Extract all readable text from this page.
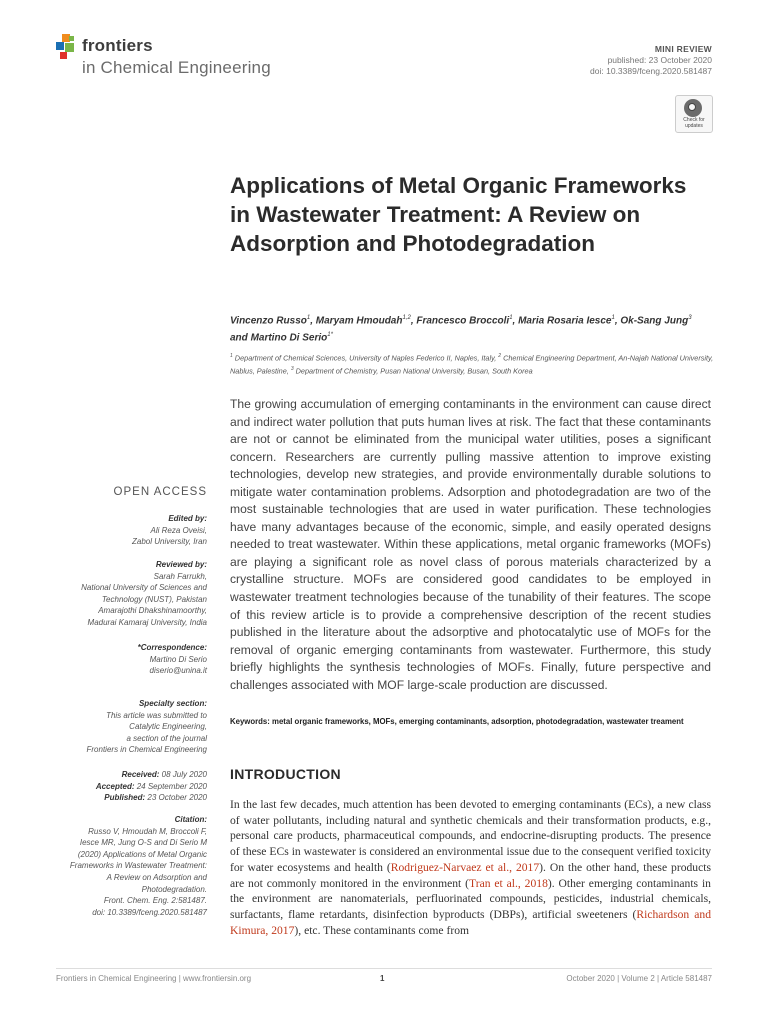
frontiers
in Chemical Engineering
MINI REVIEW
published: 23 October 2020
doi: 10.3389/fceng.2020.581487
Check for updates
Applications of Metal Organic Frameworks in Wastewater Treatment: A Review on Adsorption and Photodegradation
Vincenzo Russo$^1$, Maryam Hmoudah$^{1,2}$, Francesco Broccoli$^1$, Maria Rosaria Iesce$^1$, Ok-Sang Jung$^3$ and Martino Di Serio$^{1*}$
$^1$ Department of Chemical Sciences, University of Naples Federico II, Naples, Italy, $^2$ Chemical Engineering Department, An-Najah National University, Nablus, Palestine, $^3$ Department of Chemistry, Pusan National University, Busan, South Korea
The growing accumulation of emerging contaminants in the environment can cause direct and indirect water pollution that puts human lives at risk. The fact that these contaminants are not or cannot be eliminated from the municipal water utilities, poses a significant concern. Researchers are currently pulling massive attention to improve existing technologies, develop new strategies, and provide environmentally durable solutions to mitigate water contamination problems. Adsorption and photodegradation are two of the most sustainable technologies that are used in water purification. These technologies have many advantages because of the economic, simple, and easily operated designs needed to treat wastewater. Within these applications, metal organic frameworks (MOFs) are playing a significant role as novel class of porous materials characterized by a crystalline structure. MOFs are considered good candidates to be employed in wastewater treatment technologies because of the tunability of their features. The scope of this review article is to provide a comprehensive description of the recent studies published in the literature about the adsorptive and photocatalytic use of MOFs for the removal of organic emerging contaminants from wastewater. Furthermore, this study briefly highlights the synthesis technologies of MOFs. Finally, future perspective and challenges associated with MOF large-scale production are discussed.
Keywords: metal organic frameworks, MOFs, emerging contaminants, adsorption, photodegradation, wastewater treament
OPEN ACCESS
Edited by:
Ali Reza Oveisi,
Zabol University, Iran
Reviewed by:
Sarah Farrukh,
National University of Sciences and
Technology (NUST), Pakistan
Amarajothi Dhakshinamoorthy,
Madurai Kamaraj University, India
*Correspondence:
Martino Di Serio
diserio@unina.it
Specialty section:
This article was submitted to
Catalytic Engineering,
a section of the journal
Frontiers in Chemical Engineering
Received: 08 July 2020
Accepted: 24 September 2020
Published: 23 October 2020
Citation:
Russo V, Hmoudah M, Broccoli F,
Iesce MR, Jung O-S and Di Serio M
(2020) Applications of Metal Organic
Frameworks in Wastewater Treatment:
A Review on Adsorption and
Photodegradation.
Front. Chem. Eng. 2:581487.
doi: 10.3389/fceng.2020.581487
INTRODUCTION
In the last few decades, much attention has been devoted to emerging contaminants (ECs), a new class of water pollutants, including natural and synthetic chemicals and their transformation products, e.g., personal care products, pharmaceutical compounds, and endocrine-disrupting products. The presence of these ECs in wastewater is considered an environmental issue due to the consequent verified toxicity for water ecosystems and health (Rodriguez-Narvaez et al., 2017). On the other hand, these products are not commonly monitored in the environment (Tran et al., 2018). Other emerging contaminants in the environment are nanomaterials, perfluorinated compounds, pesticides, industrial chemicals, surfactants, flame retardants, disinfection byproducts (DBPs), artificial sweeteners (Richardson and Kimura, 2017), etc. These contaminants come from
Frontiers in Chemical Engineering | www.frontiersin.org	1	October 2020 | Volume 2 | Article 581487
